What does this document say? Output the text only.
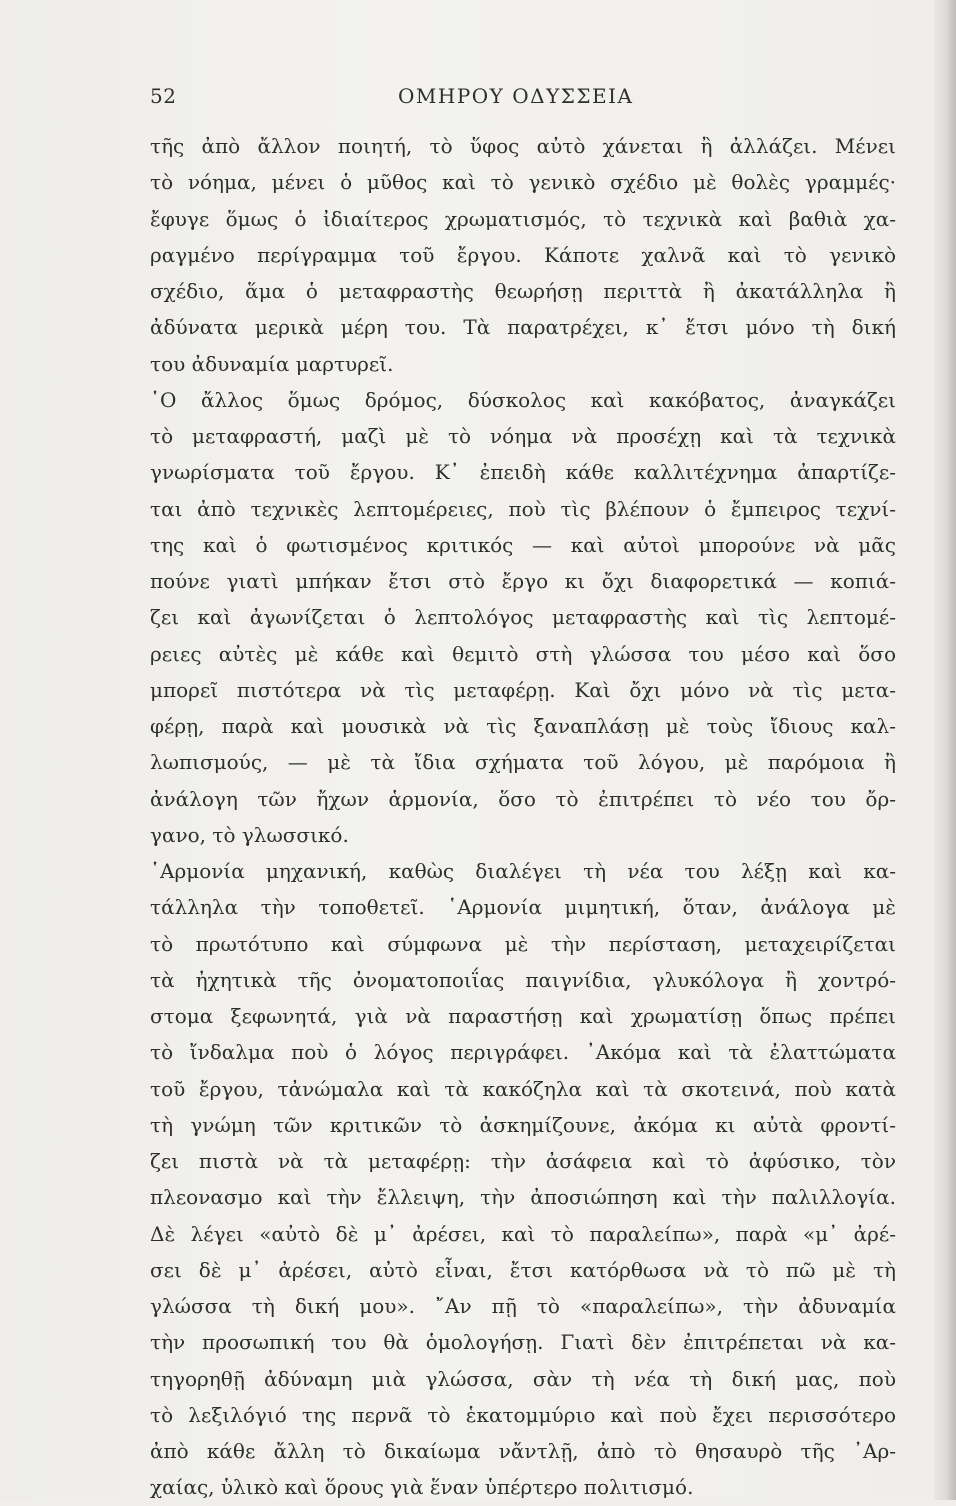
52	ΟΜΗΡΟΥ ΟΔΥΣΣΕΙΑ
τῆς ἀπὸ ἄλλον ποιητή, τὸ ὕφος αὐτὸ χάνεται ἢ ἀλλάζει. Μένει
τὸ νόημα, μένει ὁ μῦθος καὶ τὸ γενικὸ σχέδιο μὲ θολὲς γραμμές·
ἔφυγε ὅμως ὁ ἰδιαίτερος χρωματισμός, τὸ τεχνικὰ καὶ βαθιὰ χα-
ραγμένο περίγραμμα τοῦ ἔργου. Κάποτε χαλνᾶ καὶ τὸ γενικὸ
σχέδιο, ἅμα ὁ μεταφραστὴς θεωρήσῃ περιττὰ ἢ ἀκατάλληλα ἢ
ἀδύνατα μερικὰ μέρη του. Τὰ παρατρέχει, κ᾿ ἔτσι μόνο τὴ δική
του ἀδυναμία μαρτυρεῖ.
῾Ο ἄλλος ὅμως δρόμος, δύσκολος καὶ κακόβατος, ἀναγκάζει
τὸ μεταφραστή, μαζὶ μὲ τὸ νόημα νὰ προσέχῃ καὶ τὰ τεχνικὰ
γνωρίσματα τοῦ ἔργου. Κ᾿ ἐπειδὴ κάθε καλλιτέχνημα ἀπαρτίζε-
ται ἀπὸ τεχνικὲς λεπτομέρειες, ποὺ τὶς βλέπουν ὁ ἔμπειρος τεχνί-
της καὶ ὁ φωτισμένος κριτικός — καὶ αὐτοὶ μπορούνε νὰ μᾶς
πούνε γιατὶ μπήκαν ἔτσι στὸ ἔργο κι ὄχι διαφορετικά — κοπιά-
ζει καὶ ἀγωνίζεται ὁ λεπτολόγος μεταφραστὴς καὶ τὶς λεπτομέ-
ρειες αὐτὲς μὲ κάθε καὶ θεμιτὸ στὴ γλώσσα του μέσο καὶ ὅσο
μπορεῖ πιστότερα νὰ τὶς μεταφέρῃ. Καὶ ὄχι μόνο νὰ τὶς μετα-
φέρῃ, παρὰ καὶ μουσικὰ νὰ τὶς ξαναπλάσῃ μὲ τοὺς ἴδιους καλ-
λωπισμούς, — μὲ τὰ ἴδια σχήματα τοῦ λόγου, μὲ παρόμοια ἢ
ἀνάλογη τῶν ἤχων ἁρμονία, ὅσο τὸ ἐπιτρέπει τὸ νέο του ὄρ-
γανο, τὸ γλωσσικό.
῾Αρμονία μηχανική, καθὼς διαλέγει τὴ νέα του λέξῃ καὶ κα-
τάλληλα τὴν τοποθετεῖ. ῾Αρμονία μιμητική, ὅταν, ἀνάλογα μὲ
τὸ πρωτότυπο καὶ σύμφωνα μὲ τὴν περίσταση, μεταχειρίζεται
τὰ ἠχητικὰ τῆς ὀνοματοποιΐας παιγνίδια, γλυκόλογα ἢ χοντρό-
στομα ξεφωνητά, γιὰ νὰ παραστήσῃ καὶ χρωματίσῃ ὅπως πρέπει
τὸ ἴνδαλμα ποὺ ὁ λόγος περιγράφει. ᾿Ακόμα καὶ τὰ ἐλαττώματα
τοῦ ἔργου, τἀνώμαλα καὶ τὰ κακόζηλα καὶ τὰ σκοτεινά, ποὺ κατὰ
τὴ γνώμη τῶν κριτικῶν τὸ ἀσκημίζουνε, ἀκόμα κι αὐτὰ φροντί-
ζει πιστὰ νὰ τὰ μεταφέρῃ: τὴν ἀσάφεια καὶ τὸ ἀφύσικο, τὸν
πλεονασμο καὶ τὴν ἔλλειψη, τὴν ἀποσιώπηση καὶ τὴν παλιλλογία.
Δὲ λέγει «αὐτὸ δὲ μ᾿ ἀρέσει, καὶ τὸ παραλείπω», παρὰ «μ᾿ ἀρέ-
σει δὲ μ᾿ ἀρέσει, αὐτὸ εἶναι, ἔτσι κατόρθωσα νὰ τὸ πῶ μὲ τὴ
γλώσσα τὴ δική μου». ῎Αν πῇ τὸ «παραλείπω», τὴν ἀδυναμία
τὴν προσωπική του θὰ ὁμολογήσῃ. Γιατὶ δὲν ἐπιτρέπεται νὰ κα-
τηγορηθῇ ἀδύναμη μιὰ γλώσσα, σὰν τὴ νέα τὴ δική μας, ποὺ
τὸ λεξιλόγιό της περνᾶ τὸ ἑκατομμύριο καὶ ποὺ ἔχει περισσότερο
ἀπὸ κάθε ἄλλη τὸ δικαίωμα νἄντλῇ, ἀπὸ τὸ θησαυρὸ τῆς ᾿Αρ-
χαίας, ὑλικὸ καὶ ὅρους γιὰ ἕναν ὑπέρτερο πολιτισμό.
